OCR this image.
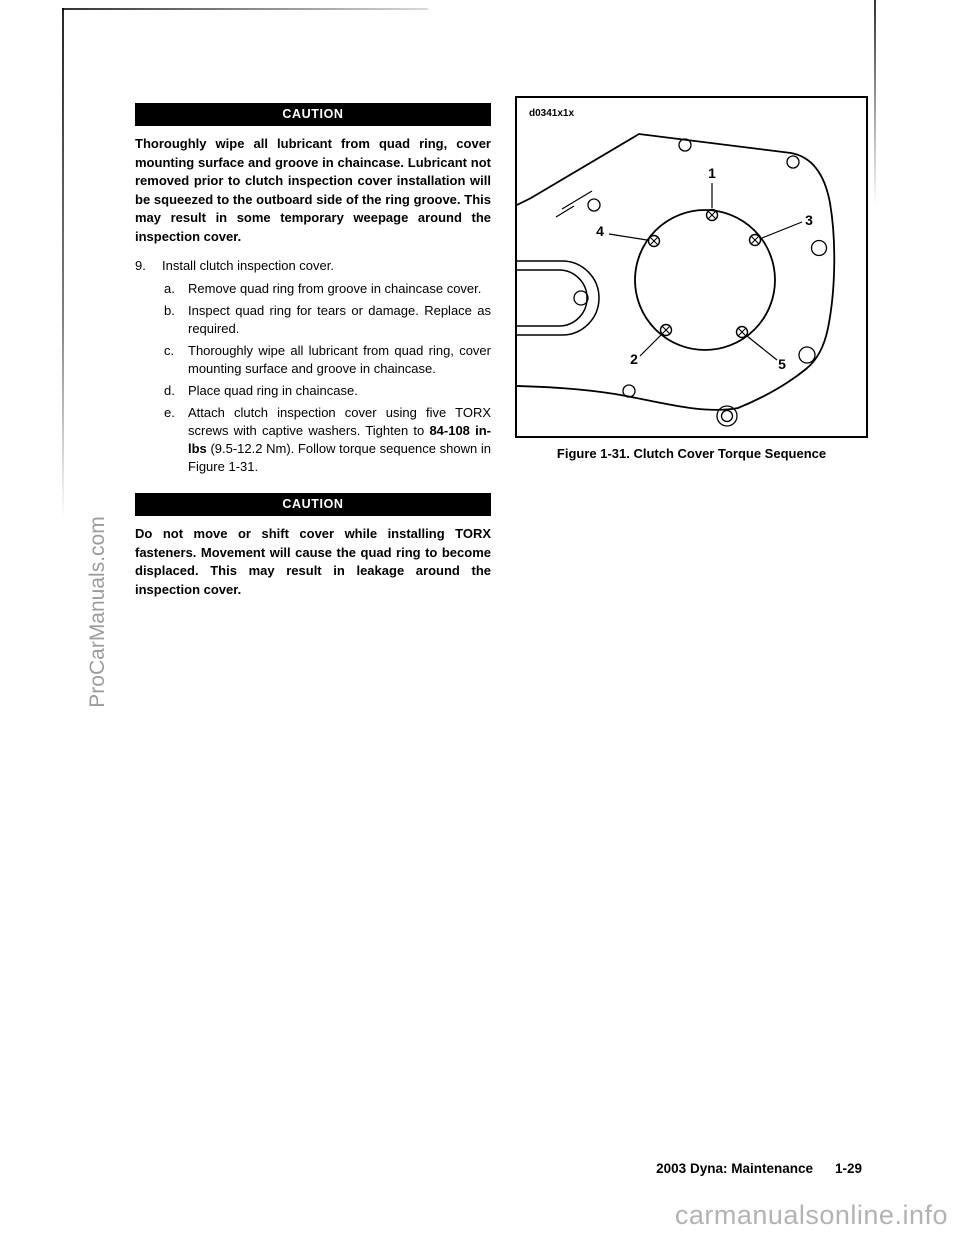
ProCarManuals.com
CAUTION

Thoroughly wipe all lubricant from quad ring, cover mounting surface and groove in chaincase. Lubricant not removed prior to clutch inspection cover installation will be squeezed to the outboard side of the ring groove. This may result in some temporary weepage around the inspection cover.

9. Install clutch inspection cover.
a. Remove quad ring from groove in chaincase cover.
b. Inspect quad ring for tears or damage. Replace as required.
c. Thoroughly wipe all lubricant from quad ring, cover mounting surface and groove in chaincase.
d. Place quad ring in chaincase.
e. Attach clutch inspection cover using five TORX screws with captive washers. Tighten to 84-108 in-lbs (9.5-12.2 Nm). Follow torque sequence shown in Figure 1-31.
CAUTION

Do not move or shift cover while installing TORX fasteners. Movement will cause the quad ring to become displaced. This may result in leakage around the inspection cover.

d0341x1x
1
2
3
4
5
Figure 1-31. Clutch Cover Torque Sequence
2003 Dyna: Maintenance 1-29
carmanualsonline.info
